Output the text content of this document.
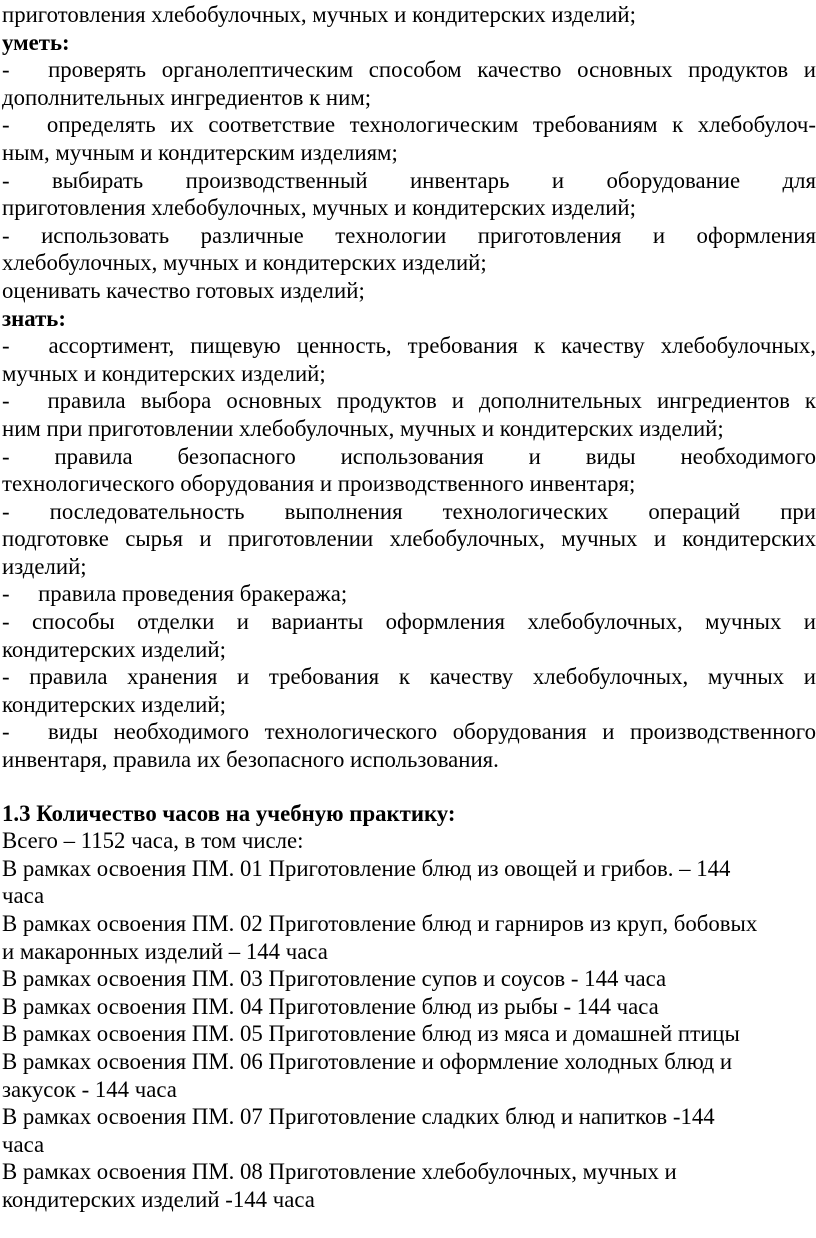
приготовления хлебобулочных, мучных и кондитерских изделий;
уметь:
-  проверять органолептическим способом качество основных продуктов и
дополнительных ингредиентов к ним;
-  определять их соответствие технологическим требованиям к хлебобулоч-
ным, мучным и кондитерским изделиям;
- выбирать производственный инвентарь и оборудование для
приготовления хлебобулочных, мучных и кондитерских изделий;
- использовать различные технологии приготовления и оформления
хлебобулочных, мучных и кондитерских изделий;
оценивать качество готовых изделий;
знать:
-  ассортимент, пищевую ценность, требования к качеству хлебобулочных,
мучных и кондитерских изделий;
-  правила выбора основных продуктов и дополнительных ингредиентов к
ним при приготовлении хлебобулочных, мучных и кондитерских изделий;
- правила безопасного использования и виды необходимого
технологического оборудования и производственного инвентаря;
- последовательность выполнения технологических операций при
подготовке сырья и приготовлении хлебобулочных, мучных и кондитерских
изделий;
-  правила проведения бракеража;
- способы отделки и варианты оформления хлебобулочных, мучных и
кондитерских изделий;
- правила хранения и требования к качеству хлебобулочных, мучных и
кондитерских изделий;
-  виды необходимого технологического оборудования и производственного
инвентаря, правила их безопасного использования.
1.3 Количество часов на учебную практику:
Всего – 1152 часа, в том числе:
В рамках освоения ПМ. 01 Приготовление блюд из овощей и грибов. – 144
часа
В рамках освоения ПМ. 02 Приготовление блюд и гарниров из круп, бобовых
и макаронных изделий – 144 часа
В рамках освоения ПМ. 03 Приготовление супов и соусов - 144 часа
В рамках освоения ПМ. 04 Приготовление блюд из рыбы - 144 часа
В рамках освоения ПМ. 05 Приготовление блюд из мяса и домашней птицы
В рамках освоения ПМ. 06 Приготовление и оформление холодных блюд и
закусок - 144 часа
В рамках освоения ПМ. 07 Приготовление сладких блюд и напитков -144
часа
В рамках освоения ПМ. 08 Приготовление хлебобулочных, мучных и
кондитерских изделий -144 часа
